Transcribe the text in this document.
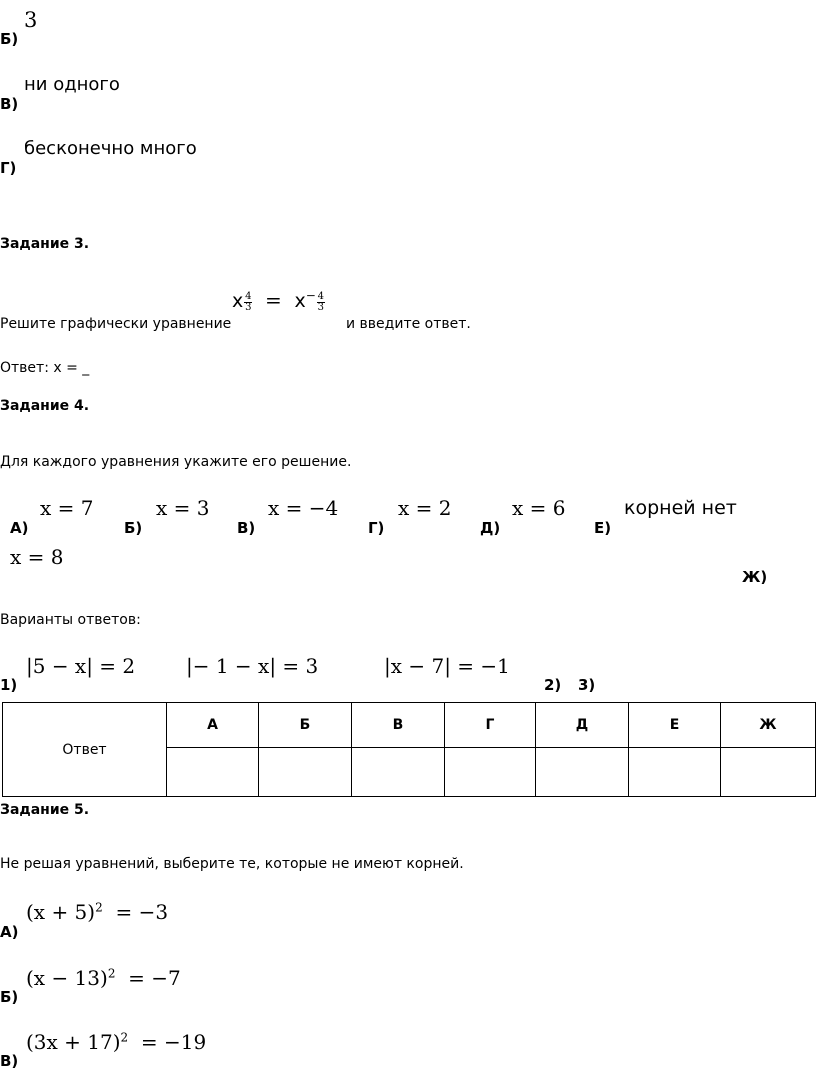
Б)
3
В)
ни одного
Г)
бесконечно много
Задание 3.
Решите графически уравнение
x $\frac{4}{3} = x^- \frac{4}{3}$
и введите ответ.
Ответ: x = _
Задание 4.
Для каждого уравнения укажите его решение.
А)
x = 7
Б)
x = 3
В)
x = −4
Г)
x = 2
Д)
x = 6
Е)
корней нет
x = 8
Ж)
Варианты ответов:
1)
|5 − x| = 2	|− 1 − x| = 3
2)
|x − 7| = −1
3)
Ответ	А	Б	В	Г	Д	Е	Ж

Задание 5.
Не решая уравнений, выберите те, которые не имеют корней.
А)
$(x + 5)^2 = -3$
Б)
$(x - 13)^2 = -7$
В)
$(3x + 17)^2 = -19$
